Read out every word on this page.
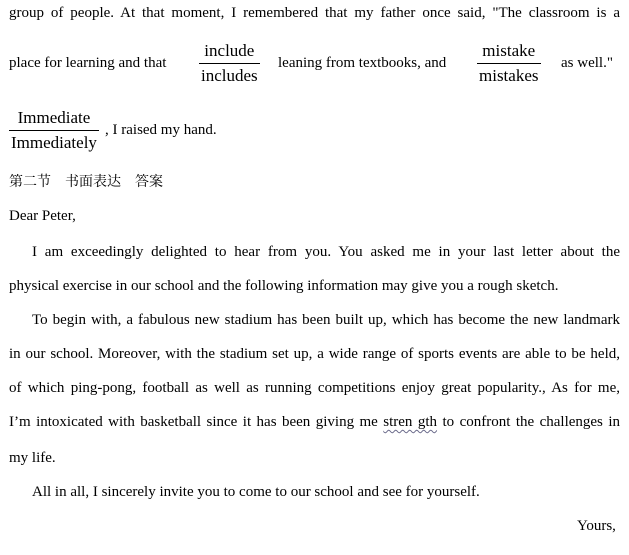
group of people. At that moment, I remembered that my father once said, "The classroom is a
place for learning and that
include
includes
leaning from textbooks, and
mistake
mistakes
as well."
Immediate
Immediately
, I raised my hand.
第二节　书面表达　答案
Dear Peter,
I am exceedingly delighted to hear from you. You asked me in your last letter about the
physical exercise in our school and the following information may give you a rough sketch.
To begin with, a fabulous new stadium has been built up, which has become the new landmark
in our school. Moreover, with the stadium set up, a wide range of sports events are able to be held,
of which ping-pong, football as well as running competitions enjoy great popularity., As for me,
I’m intoxicated with basketball since it has been giving me stren gth to confront the challenges in
my life.
All in all, I sincerely invite you to come to our school and see for yourself.
Yours,
